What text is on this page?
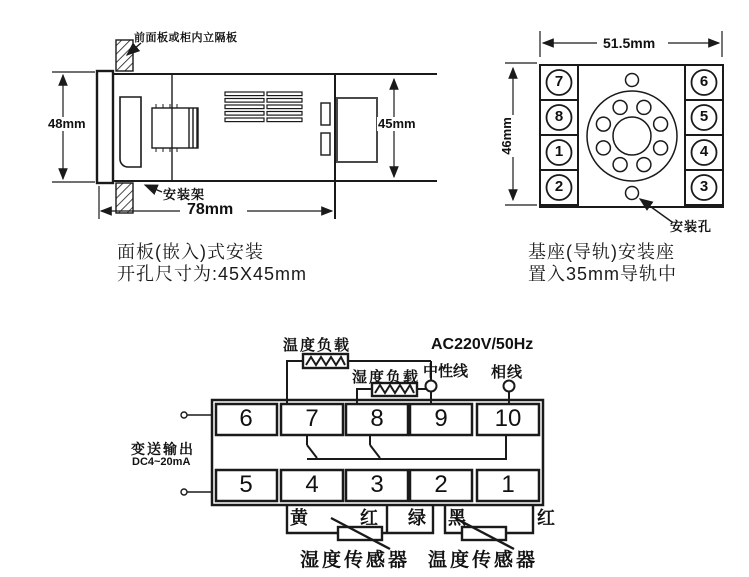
前面板或柜内立隔板
48mm	45mm
78mm
安装架
面板(嵌入)式安装
开孔尺寸为:45X45mm
51.5mm
46mm
7
8
1
2
6
5
4
3
安装孔
基座(导轨)安装座
置入35mm导轨中
温度负载
湿度负载
AC220V/50Hz
中性线 相线
变送输出
DC4~20mA
6	7	8	9	10
5	4	3	2	1
黄	红 绿 黑	红
湿度传感器 温度传感器
